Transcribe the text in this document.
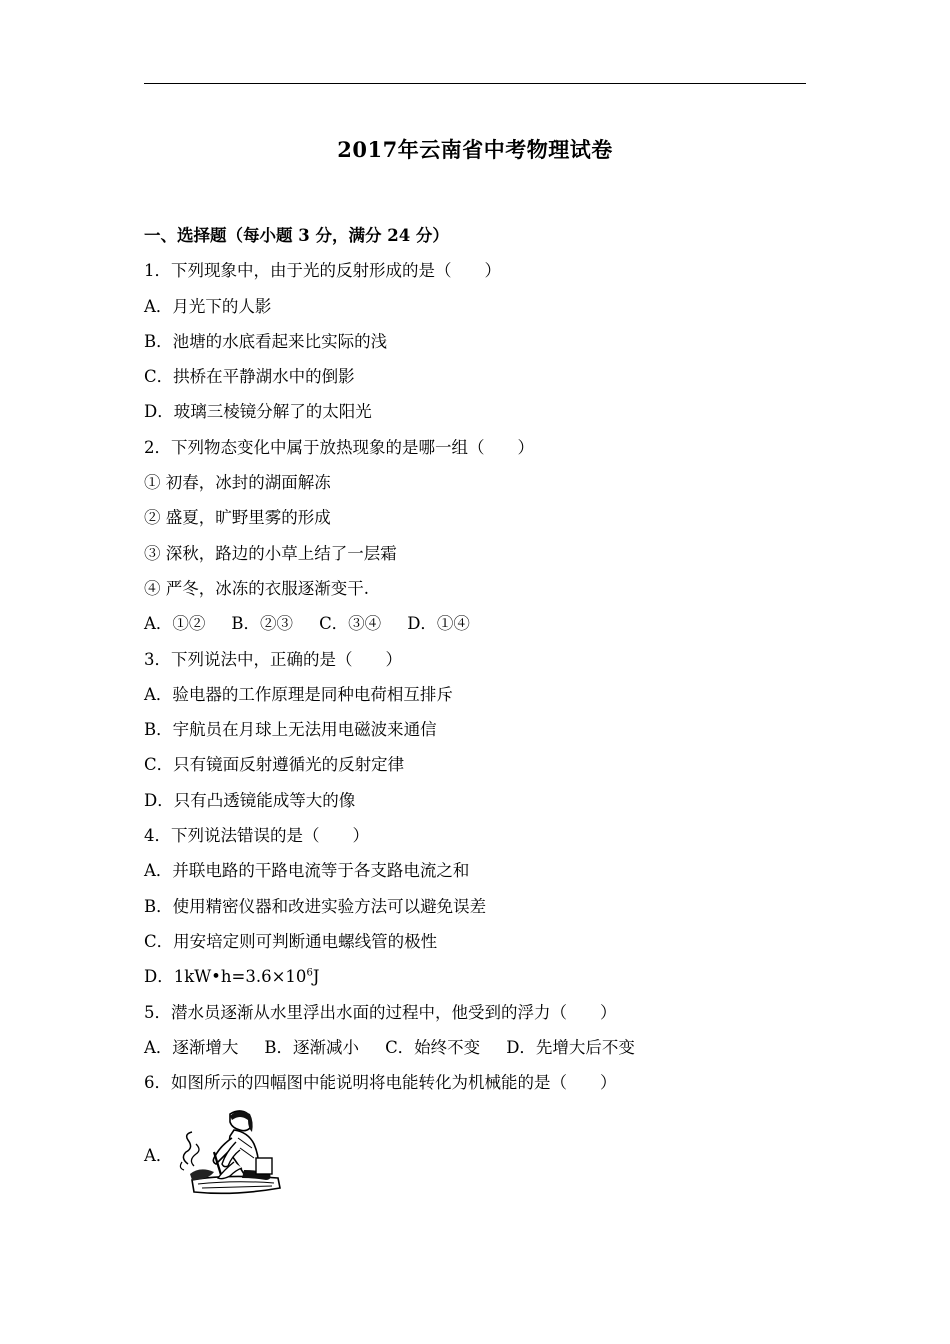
2017年云南省中考物理试卷
一、选择题（每小题 3 分，满分 24 分）
1．下列现象中，由于光的反射形成的是（　　）
A．月光下的人影
B．池塘的水底看起来比实际的浅
C．拱桥在平静湖水中的倒影
D．玻璃三棱镜分解了的太阳光
2．下列物态变化中属于放热现象的是哪一组（　　）
① 初春，冰封的湖面解冻
② 盛夏，旷野里雾的形成
③ 深秋，路边的小草上结了一层霜
④ 严冬，冰冻的衣服逐渐变干.
A．①② B．②③ C．③④ D．①④
3．下列说法中，正确的是（　　）
A．验电器的工作原理是同种电荷相互排斥
B．宇航员在月球上无法用电磁波来通信
C．只有镜面反射遵循光的反射定律
D．只有凸透镜能成等大的像
4．下列说法错误的是（　　）
A．并联电路的干路电流等于各支路电流之和
B．使用精密仪器和改进实验方法可以避免误差
C．用安培定则可判断通电螺线管的极性
D．$1kW•h=3.6\times 10^6J$
5．潜水员逐渐从水里浮出水面的过程中，他受到的浮力（　　）
A．逐渐增大 B．逐渐减小 C．始终不变 D．先增大后不变
6．如图所示的四幅图中能说明将电能转化为机械能的是（　　）
A．
